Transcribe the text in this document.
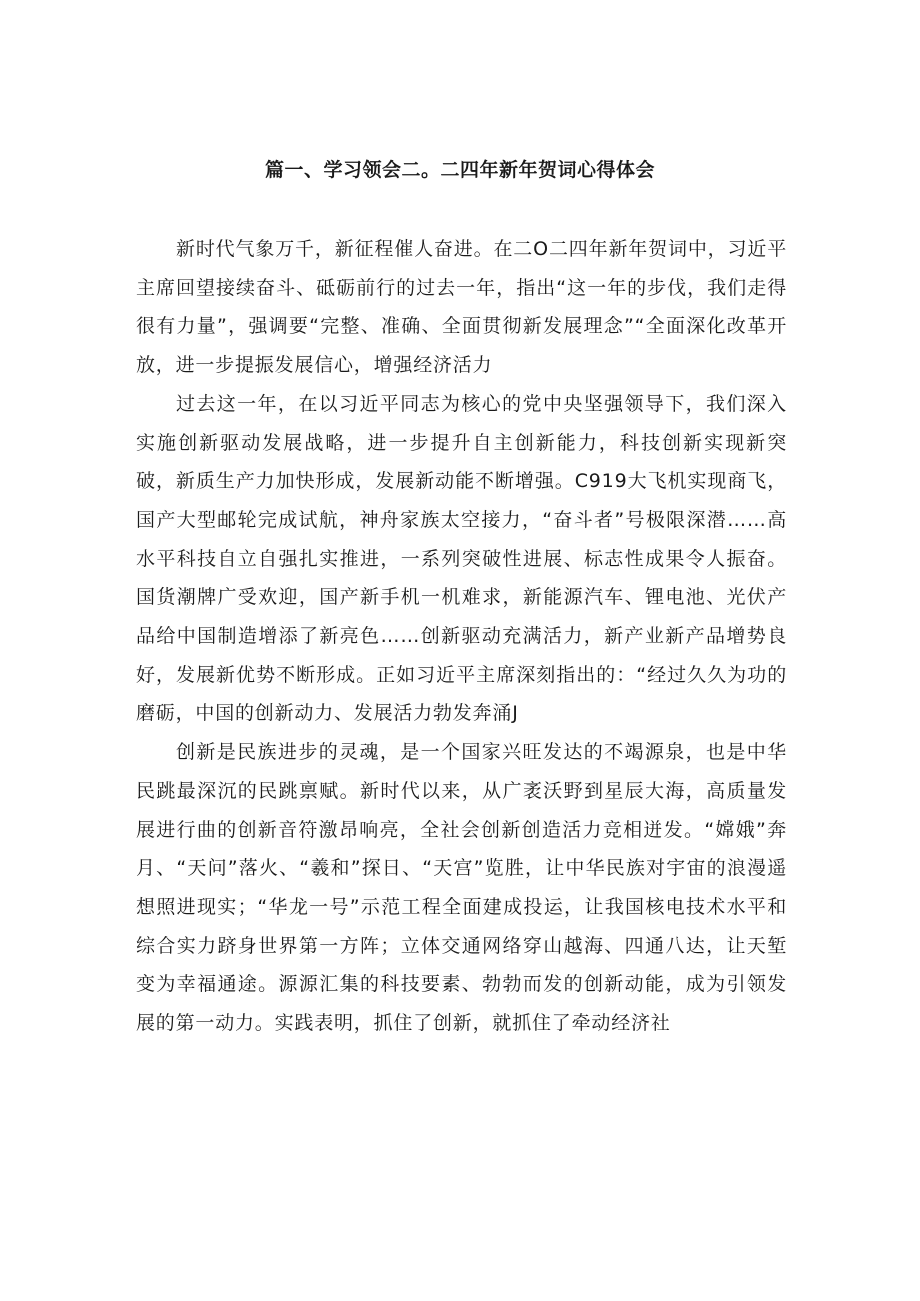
篇一、学习领会二。二四年新年贺词心得体会

新时代气象万千，新征程催人奋进。在二O二四年新年贺词中，习近平主席回望接续奋斗、砥砺前行的过去一年，指出“这一年的步伐，我们走得很有力量”，强调要“完整、准确、全面贯彻新发展理念”“全面深化改革开放，进一步提振发展信心，增强经济活力

过去这一年，在以习近平同志为核心的党中央坚强领导下，我们深入实施创新驱动发展战略，进一步提升自主创新能力，科技创新实现新突破，新质生产力加快形成，发展新动能不断增强。C919大飞机实现商飞，国产大型邮轮完成试航，神舟家族太空接力，“奋斗者”号极限深潜……高水平科技自立自强扎实推进，一系列突破性进展、标志性成果令人振奋。国货潮牌广受欢迎，国产新手机一机难求，新能源汽车、锂电池、光伏产品给中国制造增添了新亮色……创新驱动充满活力，新产业新产品增势良好，发展新优势不断形成。正如习近平主席深刻指出的：“经过久久为功的磨砺，中国的创新动力、发展活力勃发奔涌J

创新是民族进步的灵魂，是一个国家兴旺发达的不竭源泉，也是中华民跳最深沉的民跳禀赋。新时代以来，从广袤沃野到星辰大海，高质量发展进行曲的创新音符激昂响亮，全社会创新创造活力竞相迸发。“嫦娥”奔月、“天问”落火、“羲和”探日、“天宫”览胜，让中华民族对宇宙的浪漫遥想照进现实；“华龙一号”示范工程全面建成投运，让我国核电技术水平和综合实力跻身世界第一方阵；立体交通网络穿山越海、四通八达，让天堑变为幸福通途。源源汇集的科技要素、勃勃而发的创新动能，成为引领发展的第一动力。实践表明，抓住了创新，就抓住了牵动经济社
